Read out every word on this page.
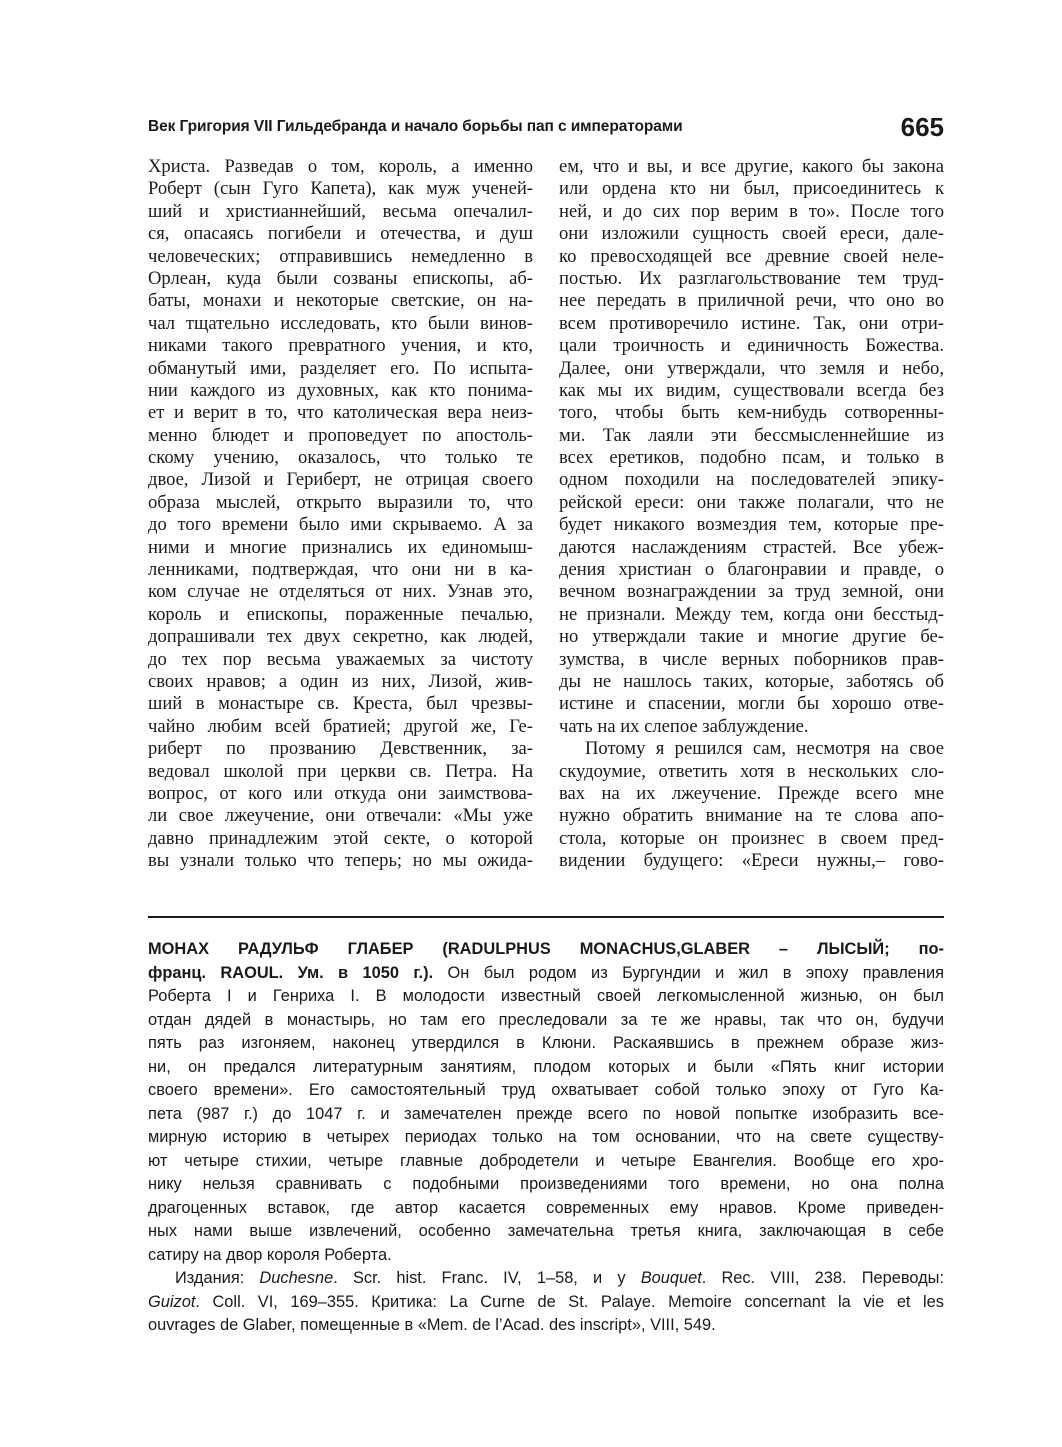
Век Григория VII Гильдебранда и начало борьбы пап с императорами	665
Христа. Разведав о том, король, а именно
Роберт (сын Гуго Капета), как муж ученей-
ший и христианнейший, весьма опечалил-
ся, опасаясь погибели и отечества, и душ
человеческих; отправившись немедленно в
Орлеан, куда были созваны епископы, аб-
баты, монахи и некоторые светские, он на-
чал тщательно исследовать, кто были винов-
никами такого превратного учения, и кто,
обманутый ими, разделяет его. По испыта-
нии каждого из духовных, как кто понима-
ет и верит в то, что католическая вера неиз-
менно блюдет и проповедует по апостоль-
скому учению, оказалось, что только те
двое, Лизой и Гериберт, не отрицая своего
образа мыслей, открыто выразили то, что
до того времени было ими скрываемо. А за
ними и многие признались их единомыш-
ленниками, подтверждая, что они ни в ка-
ком случае не отделяться от них. Узнав это,
король и епископы, пораженные печалью,
допрашивали тех двух секретно, как людей,
до тех пор весьма уважаемых за чистоту
своих нравов; а один из них, Лизой, жив-
ший в монастыре св. Креста, был чрезвы-
чайно любим всей братией; другой же, Ге-
риберт по прозванию Девственник, за-
ведовал школой при церкви св. Петра. На
вопрос, от кого или откуда они заимствова-
ли свое лжеучение, они отвечали: «Мы уже
давно принадлежим этой секте, о которой
вы узнали только что теперь; но мы ожида-
ем, что и вы, и все другие, какого бы закона
или ордена кто ни был, присоединитесь к
ней, и до сих пор верим в то». После того
они изложили сущность своей ереси, дале-
ко превосходящей все древние своей неле-
постью. Их разглагольствование тем труд-
нее передать в приличной речи, что оно во
всем противоречило истине. Так, они отри-
цали троичность и единичность Божества.
Далее, они утверждали, что земля и небо,
как мы их видим, существовали всегда без
того, чтобы быть кем-нибудь сотворенны-
ми. Так лаяли эти бессмысленнейшие из
всех еретиков, подобно псам, и только в
одном походили на последователей эпику-
рейской ереси: они также полагали, что не
будет никакого возмездия тем, которые пре-
даются наслаждениям страстей. Все убеж-
дения христиан о благонравии и правде, о
вечном вознаграждении за труд земной, они
не признали. Между тем, когда они бесстыд-
но утверждали такие и многие другие бе-
зумства, в числе верных поборников прав-
ды не нашлось таких, которые, заботясь об
истине и спасении, могли бы хорошо отве-
чать на их слепое заблуждение.
Потому я решился сам, несмотря на свое
скудоумие, ответить хотя в нескольких сло-
вах на их лжеучение. Прежде всего мне
нужно обратить внимание на те слова апо-
стола, которые он произнес в своем пред-
видении будущего: «Ереси нужны,– гово-
МОНАХ РАДУЛЬФ ГЛАБЕР (RADULPHUS MONACHUS,GLABER – ЛЫСЫЙ; по-
франц. RAOUL. Ум. в 1050 г.). Он был родом из Бургундии и жил в эпоху правления
Роберта I и Генриха I. В молодости известный своей легкомысленной жизнью, он был
отдан дядей в монастырь, но там его преследовали за те же нравы, так что он, будучи
пять раз изгоняем, наконец утвердился в Клюни. Раскаявшись в прежнем образе жиз-
ни, он предался литературным занятиям, плодом которых и были «Пять книг истории
своего времени». Его самостоятельный труд охватывает собой только эпоху от Гуго Ка-
пета (987 г.) до 1047 г. и замечателен прежде всего по новой попытке изобразить все-
мирную историю в четырех периодах только на том основании, что на свете существу-
ют четыре стихии, четыре главные добродетели и четыре Евангелия. Вообще его хро-
нику нельзя сравнивать с подобными произведениями того времени, но она полна
драгоценных вставок, где автор касается современных ему нравов. Кроме приведен-
ных нами выше извлечений, особенно замечательна третья книга, заключающая в себе
сатиру на двор короля Роберта.
Издания: Duchesne. Scr. hist. Franc. IV, 1–58, и у Bouquet. Rec. VIII, 238. Переводы:
Guizot. Coll. VI, 169–355. Критика: La Curne de St. Palaye. Memoire concernant la vie et les
ouvrages de Glaber, помещенные в «Mem. de l’Acad. des inscript», VIII, 549.
